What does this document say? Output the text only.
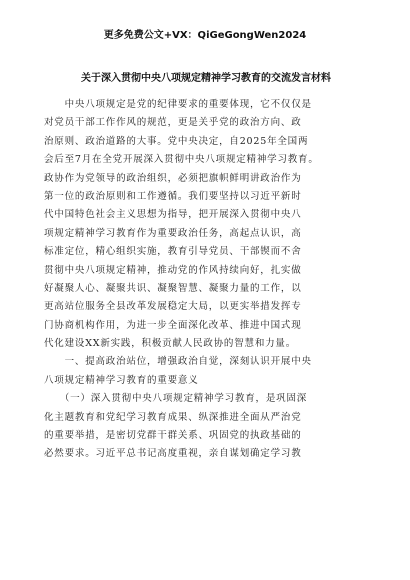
更多免费公文+VX：QiGeGongWen2024
关于深入贯彻中央八项规定精神学习教育的交流发言材料
　　中央八项规定是党的纪律要求的重要体现，它不仅仅是
对党员干部工作作风的规范，更是关乎党的政治方向、政
治原则、政治道路的大事。党中央决定，自2025年全国两
会后至7月在全党开展深入贯彻中央八项规定精神学习教育。
政协作为党领导的政治组织，必须把旗帜鲜明讲政治作为
第一位的政治原则和工作遵循。我们要坚持以习近平新时
代中国特色社会主义思想为指导，把开展深入贯彻中央八
项规定精神学习教育作为重要政治任务，高起点认识，高
标准定位，精心组织实施，教育引导党员、干部锲而不舍
贯彻中央八项规定精神，推动党的作风持续向好，扎实做
好凝聚人心、凝聚共识、凝聚智慧、凝聚力量的工作，以
更高站位服务全县改革发展稳定大局，以更实举措发挥专
门协商机构作用，为进一步全面深化改革、推进中国式现
代化建设XX新实践，积极贡献人民政协的智慧和力量。
　　一、提高政治站位，增强政治自觉，深刻认识开展中央
八项规定精神学习教育的重要意义
　　（一）深入贯彻中央八项规定精神学习教育，是巩固深
化主题教育和党纪学习教育成果、纵深推进全面从严治党
的重要举措，是密切党群干群关系、巩固党的执政基础的
必然要求。习近平总书记高度重视，亲自谋划确定学习教
